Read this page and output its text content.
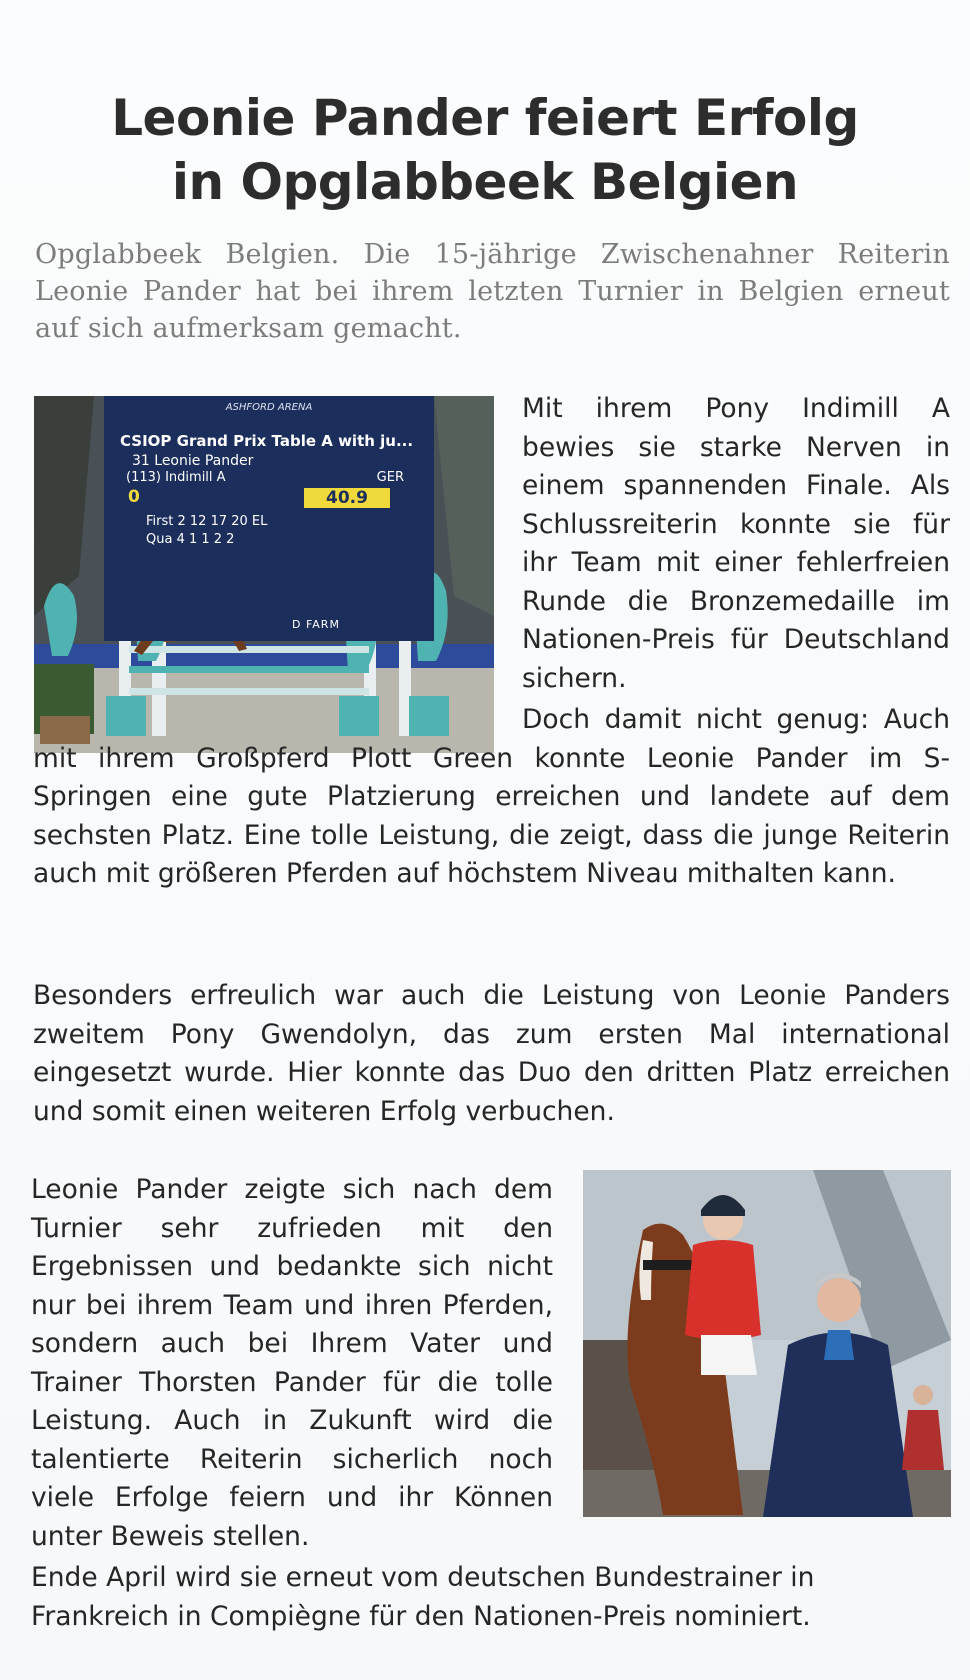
Leonie Pander feiert Erfolg
in Opglabbeek Belgien
Opglabbeek Belgien. Die 15-jährige Zwischenahner Reiterin Leonie Pander hat bei ihrem letzten Turnier in Belgien erneut auf sich aufmerksam gemacht.
ASHFORD ARENA
CSIOP Grand Prix Table A with ju...
31 Leonie Pander
(113) Indimill A	GER
0	40.9
First 2 12 17 20 EL
Qua 4 1 1 2 2
D FARM
Mit ihrem Pony Indimill A bewies sie starke Nerven in einem spannenden Finale. Als Schlussreiterin konnte sie für ihr Team mit einer fehlerfreien Runde die Bronzemedaille im Nationen-Preis für Deutschland sichern.
Doch damit nicht genug: Auch mit ihrem Großpferd Plott Green konnte Leonie Pander im S-Springen eine gute Platzierung erreichen und landete auf dem sechsten Platz. Eine tolle Leistung, die zeigt, dass die junge Reiterin auch mit größeren Pferden auf höchstem Niveau mithalten kann.
Besonders erfreulich war auch die Leistung von Leonie Panders zweitem Pony Gwendolyn, das zum ersten Mal international eingesetzt wurde. Hier konnte das Duo den dritten Platz erreichen und somit einen weiteren Erfolg verbuchen.
Leonie Pander zeigte sich nach dem Turnier sehr zufrieden mit den Ergebnissen und bedankte sich nicht nur bei ihrem Team und ihren Pferden, sondern auch bei Ihrem Vater und Trainer Thorsten Pander für die tolle Leistung. Auch in Zukunft wird die talentierte Reiterin sicherlich noch viele Erfolge feiern und ihr Können unter Beweis stellen.
Ende April wird sie erneut vom deutschen Bundestrainer in Frankreich in Compiègne für den Nationen-Preis nominiert.
